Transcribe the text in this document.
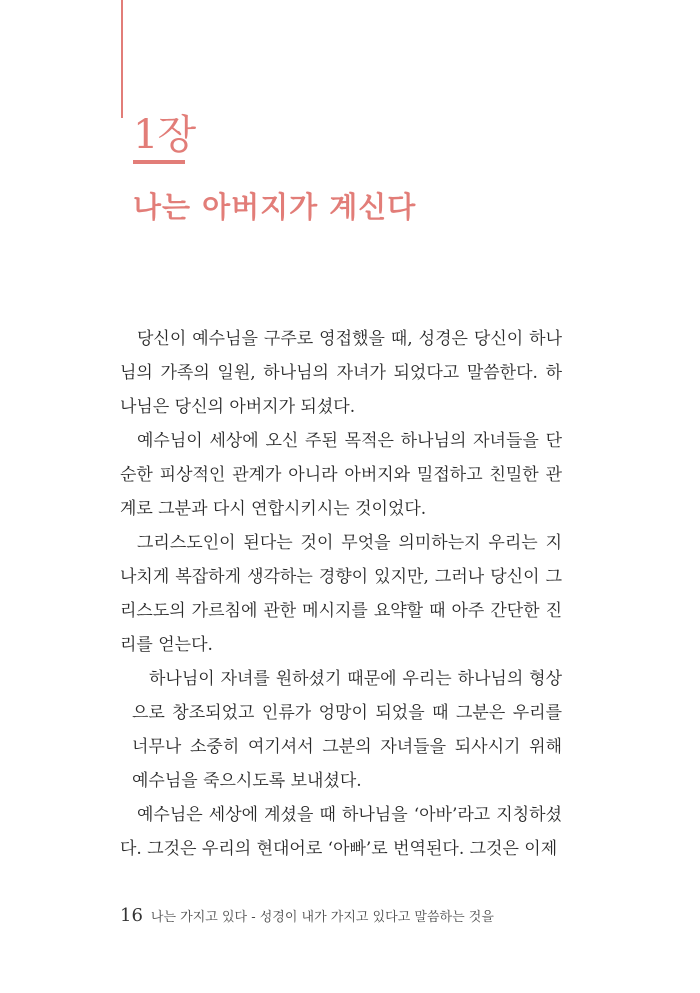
1장
나는 아버지가 계신다

당신이 예수님을 구주로 영접했을 때, 성경은 당신이 하나님의 가족의 일원, 하나님의 자녀가 되었다고 말씀한다. 하나님은 당신의 아버지가 되셨다.

예수님이 세상에 오신 주된 목적은 하나님의 자녀들을 단순한 피상적인 관계가 아니라 아버지와 밀접하고 친밀한 관계로 그분과 다시 연합시키시는 것이었다.

그리스도인이 된다는 것이 무엇을 의미하는지 우리는 지나치게 복잡하게 생각하는 경향이 있지만, 그러나 당신이 그리스도의 가르침에 관한 메시지를 요약할 때 아주 간단한 진리를 얻는다.

하나님이 자녀를 원하셨기 때문에 우리는 하나님의 형상으로 창조되었고 인류가 엉망이 되었을 때 그분은 우리를 너무나 소중히 여기셔서 그분의 자녀들을 되사시기 위해 예수님을 죽으시도록 보내셨다.

예수님은 세상에 계셨을 때 하나님을 ‘아바’라고 지칭하셨다. 그것은 우리의 현대어로 ‘아빠’로 번역된다. 그것은 이제

16 나는 가지고 있다 - 성경이 내가 가지고 있다고 말씀하는 것을
